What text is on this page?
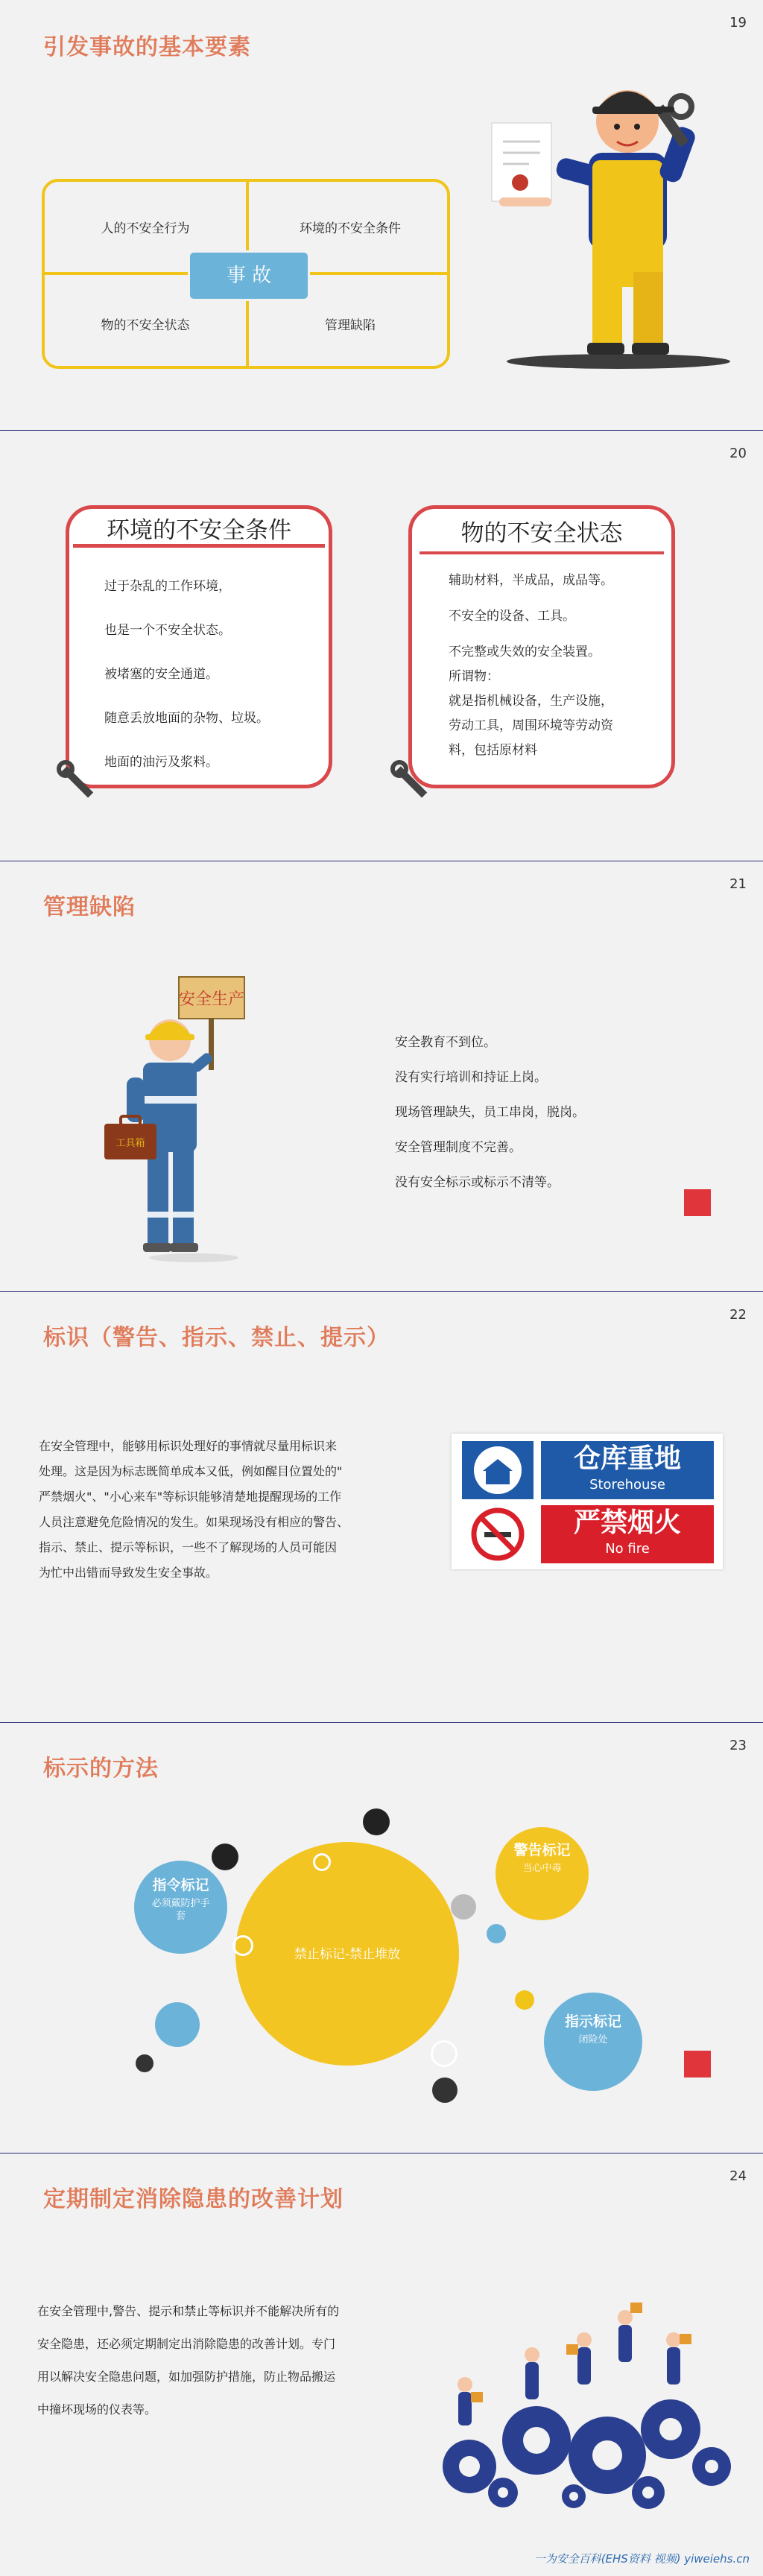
19
引发事故的基本要素
人的不安全行为	环境的不安全条件
物的不安全状态	管理缺陷
事 故
20
环境的不安全条件
过于杂乱的工作环境，
也是一个不安全状态。
被堵塞的安全通道。
随意丢放地面的杂物、垃圾。
地面的油污及浆料。
物的不安全状态
辅助材料，半成品，成品等。
不安全的设备、工具。
不完整或失效的安全装置。
所谓物：
就是指机械设备，生产设施，
劳动工具，周围环境等劳动资
料，包括原材料
21
管理缺陷
安全生产
工具箱
安全教育不到位。
没有实行培训和持证上岗。
现场管理缺失，员工串岗，脱岗。
安全管理制度不完善。
没有安全标示或标示不清等。
22
标识（警告、指示、禁止、提示）
在安全管理中，能够用标识处理好的事情就尽量用标识来
处理。这是因为标志既简单成本又低，例如醒目位置处的"
严禁烟火"、"小心来车"等标识能够清楚地提醒现场的工作
人员注意避免危险情况的发生。如果现场没有相应的警告、
指示、禁止、提示等标识，一些不了解现场的人员可能因
为忙中出错而导致发生安全事故。
仓库重地
Storehouse
严禁烟火
No fire
23
标示的方法
禁止标记-禁止堆放
指令标记
必须戴防护手套
警告标记
当心中毒
指示标记
闭险处
24
定期制定消除隐患的改善计划
在安全管理中,警告、提示和禁止等标识并不能解决所有的
安全隐患，还必须定期制定出消除隐患的改善计划。专门
用以解决安全隐患问题，如加强防护措施，防止物品搬运
中撞坏现场的仪表等。
一为安全百科(EHS资料 视频) yiweiehs.cn
